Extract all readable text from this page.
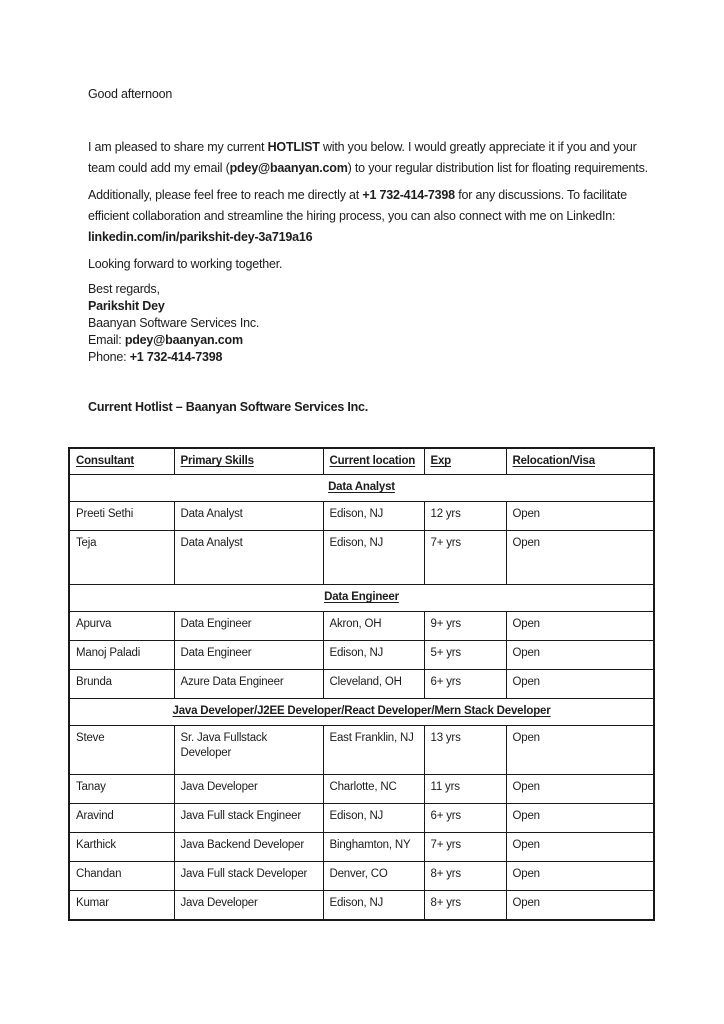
Good afternoon
I am pleased to share my current HOTLIST with you below. I would greatly appreciate it if you and your team could add my email (pdey@baanyan.com) to your regular distribution list for floating requirements.
Additionally, please feel free to reach me directly at +1 732-414-7398 for any discussions. To facilitate efficient collaboration and streamline the hiring process, you can also connect with me on LinkedIn: linkedin.com/in/parikshit-dey-3a719a16
Looking forward to working together.
Best regards,
Parikshit Dey
Baanyan Software Services Inc.
Email: pdey@baanyan.com
Phone: +1 732-414-7398
Current Hotlist – Baanyan Software Services Inc.
Consultant	Primary Skills	Current location	Exp	Relocation/Visa
Data Analyst				
Preeti Sethi	Data Analyst	Edison, NJ	12 yrs	Open
Teja	Data Analyst	Edison, NJ	7+ yrs	Open
Data Engineer				
Apurva	Data Engineer	Akron, OH	9+ yrs	Open
Manoj Paladi	Data Engineer	Edison, NJ	5+ yrs	Open
Brunda	Azure Data Engineer	Cleveland, OH	6+ yrs	Open
Java Developer/J2EE Developer/React Developer/Mern Stack Developer				
Steve	Sr. Java Fullstack Developer	East Franklin, NJ	13 yrs	Open
Tanay	Java Developer	Charlotte, NC	11 yrs	Open
Aravind	Java Full stack Engineer	Edison, NJ	6+ yrs	Open
Karthick	Java Backend Developer	Binghamton, NY	7+ yrs	Open
Chandan	Java Full stack Developer	Denver, CO	8+ yrs	Open
Kumar	Java Developer	Edison, NJ	8+ yrs	Open
